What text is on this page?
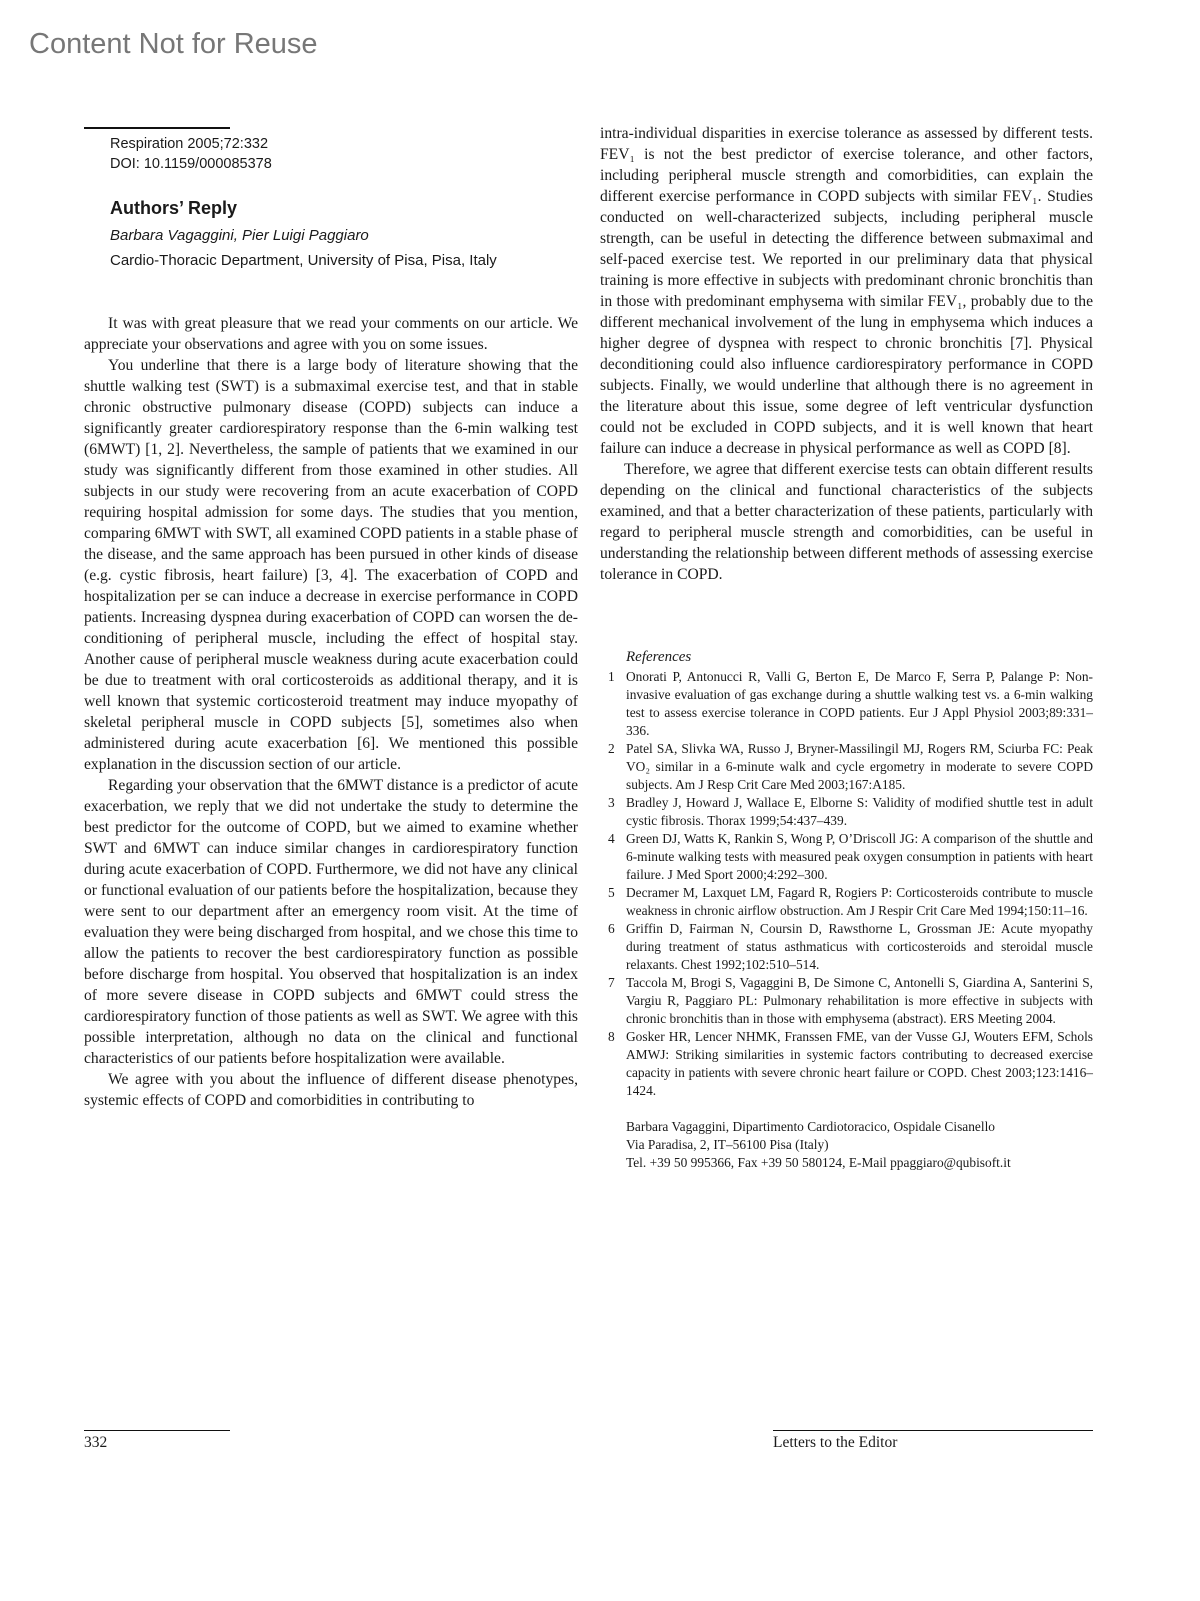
Content Not for Reuse
Respiration 2005;72:332
DOI: 10.1159/000085378
Authors’ Reply
Barbara Vagaggini, Pier Luigi Paggiaro
Cardio-Thoracic Department, University of Pisa, Pisa, Italy

It was with great pleasure that we read your comments on our article. We appreciate your observations and agree with you on some issues.

You underline that there is a large body of literature showing that the shuttle walking test (SWT) is a submaximal exercise test, and that in stable chronic obstructive pulmonary disease (COPD) subjects can induce a significantly greater cardiorespiratory response than the 6-min walking test (6MWT) [1, 2]. Nevertheless, the sample of patients that we examined in our study was significantly different from those examined in other studies. All subjects in our study were recovering from an acute exacerbation of COPD requiring hospital admission for some days. The studies that you mention, comparing 6MWT with SWT, all examined COPD patients in a stable phase of the disease, and the same approach has been pursued in other kinds of disease (e.g. cystic fibrosis, heart failure) [3, 4]. The exacerbation of COPD and hospitalization per se can induce a decrease in exercise performance in COPD patients. Increasing dyspnea during exacerbation of COPD can worsen the de-conditioning of peripheral muscle, including the effect of hospital stay. Another cause of peripheral muscle weakness during acute exacerbation could be due to treatment with oral corticosteroids as additional therapy, and it is well known that systemic corticosteroid treatment may induce myopathy of skeletal peripheral muscle in COPD subjects [5], sometimes also when administered during acute exacerbation [6]. We mentioned this possible explanation in the discussion section of our article.

Regarding your observation that the 6MWT distance is a predictor of acute exacerbation, we reply that we did not undertake the study to determine the best predictor for the outcome of COPD, but we aimed to examine whether SWT and 6MWT can induce similar changes in cardiorespiratory function during acute exacerbation of COPD. Furthermore, we did not have any clinical or functional evaluation of our patients before the hospitalization, because they were sent to our department after an emergency room visit. At the time of evaluation they were being discharged from hospital, and we chose this time to allow the patients to recover the best cardiorespiratory function as possible before discharge from hospital. You observed that hospitalization is an index of more severe disease in COPD subjects and 6MWT could stress the cardiorespiratory function of those patients as well as SWT. We agree with this possible interpretation, although no data on the clinical and functional characteristics of our patients before hospitalization were available.

We agree with you about the influence of different disease phenotypes, systemic effects of COPD and comorbidities in contributing to

intra-individual disparities in exercise tolerance as assessed by different tests. FEV₁ is not the best predictor of exercise tolerance, and other factors, including peripheral muscle strength and comorbidities, can explain the different exercise performance in COPD subjects with similar FEV₁. Studies conducted on well-characterized subjects, including peripheral muscle strength, can be useful in detecting the difference between submaximal and self-paced exercise test. We reported in our preliminary data that physical training is more effective in subjects with predominant chronic bronchitis than in those with predominant emphysema with similar FEV₁, probably due to the different mechanical involvement of the lung in emphysema which induces a higher degree of dyspnea with respect to chronic bronchitis [7]. Physical deconditioning could also influence cardiorespiratory performance in COPD subjects. Finally, we would underline that although there is no agreement in the literature about this issue, some degree of left ventricular dysfunction could not be excluded in COPD subjects, and it is well known that heart failure can induce a decrease in physical performance as well as COPD [8].

Therefore, we agree that different exercise tests can obtain different results depending on the clinical and functional characteristics of the subjects examined, and that a better characterization of these patients, particularly with regard to peripheral muscle strength and comorbidities, can be useful in understanding the relationship between different methods of assessing exercise tolerance in COPD.

References
1 Onorati P, Antonucci R, Valli G, Berton E, De Marco F, Serra P, Palange P: Non-invasive evaluation of gas exchange during a shuttle walking test vs. a 6-min walking test to assess exercise tolerance in COPD patients. Eur J Appl Physiol 2003;89:331–336.
2 Patel SA, Slivka WA, Russo J, Bryner-Massilingil MJ, Rogers RM, Sciurba FC: Peak VO₂ similar in a 6-minute walk and cycle ergometry in moderate to severe COPD subjects. Am J Resp Crit Care Med 2003;167:A185.
3 Bradley J, Howard J, Wallace E, Elborne S: Validity of modified shuttle test in adult cystic fibrosis. Thorax 1999;54:437–439.
4 Green DJ, Watts K, Rankin S, Wong P, O’Driscoll JG: A comparison of the shuttle and 6-minute walking tests with measured peak oxygen consumption in patients with heart failure. J Med Sport 2000;4:292–300.
5 Decramer M, Laxquet LM, Fagard R, Rogiers P: Corticosteroids contribute to muscle weakness in chronic airflow obstruction. Am J Respir Crit Care Med 1994;150:11–16.
6 Griffin D, Fairman N, Coursin D, Rawsthorne L, Grossman JE: Acute myopathy during treatment of status asthmaticus with corticosteroids and steroidal muscle relaxants. Chest 1992;102:510–514.
7 Taccola M, Brogi S, Vagaggini B, De Simone C, Antonelli S, Giardina A, Santerini S, Vargiu R, Paggiaro PL: Pulmonary rehabilitation is more effective in subjects with chronic bronchitis than in those with emphysema (abstract). ERS Meeting 2004.
8 Gosker HR, Lencer NHMK, Franssen FME, van der Vusse GJ, Wouters EFM, Schols AMWJ: Striking similarities in systemic factors contributing to decreased exercise capacity in patients with severe chronic heart failure or COPD. Chest 2003;123:1416–1424.
Barbara Vagaggini, Dipartimento Cardiotoracico, Ospidale Cisanello
Via Paradisa, 2, IT–56100 Pisa (Italy)
Tel. +39 50 995366, Fax +39 50 580124, E-Mail ppaggiaro@qubisoft.it
332	Letters to the Editor
